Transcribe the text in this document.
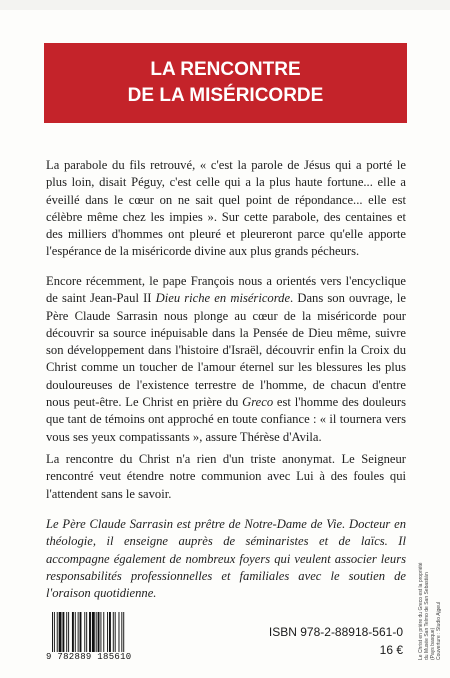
LA RENCONTRE
DE LA MISÉRICORDE
La parabole du fils retrouvé, « c'est la parole de Jésus qui a porté le plus loin, disait Péguy, c'est celle qui a la plus haute fortune... elle a éveillé dans le cœur on ne sait quel point de répondance... elle est célèbre même chez les impies ». Sur cette parabole, des centaines et des milliers d'hommes ont pleuré et pleureront parce qu'elle apporte l'espérance de la miséricorde divine aux plus grands pécheurs.
Encore récemment, le pape François nous a orientés vers l'encyclique de saint Jean-Paul II Dieu riche en miséricorde. Dans son ouvrage, le Père Claude Sarrasin nous plonge au cœur de la miséricorde pour découvrir sa source inépuisable dans la Pensée de Dieu même, suivre son développement dans l'histoire d'Israël, découvrir enfin la Croix du Christ comme un toucher de l'amour éternel sur les blessures les plus douloureuses de l'existence terrestre de l'homme, de chacun d'entre nous peut-être. Le Christ en prière du Greco est l'homme des douleurs que tant de témoins ont approché en toute confiance : « il tournera vers vous ses yeux compatissants », assure Thérèse d'Avila.
La rencontre du Christ n'a rien d'un triste anonymat. Le Seigneur rencontré veut étendre notre communion avec Lui à des foules qui l'attendent sans le savoir.
Le Père Claude Sarrasin est prêtre de Notre-Dame de Vie. Docteur en théologie, il enseigne auprès de séminaristes et de laïcs. Il accompagne également de nombreux foyers qui veulent associer leurs responsabilités professionnelles et familiales avec le soutien de l'oraison quotidienne.
9 782889 185610
ISBN 978-2-88918-561-0
16 €	Le Christ en prière du Greco est la propriété du Musée San Telmo de San Sebastián (Pays basque) Couverture : Studio Ajgeul
